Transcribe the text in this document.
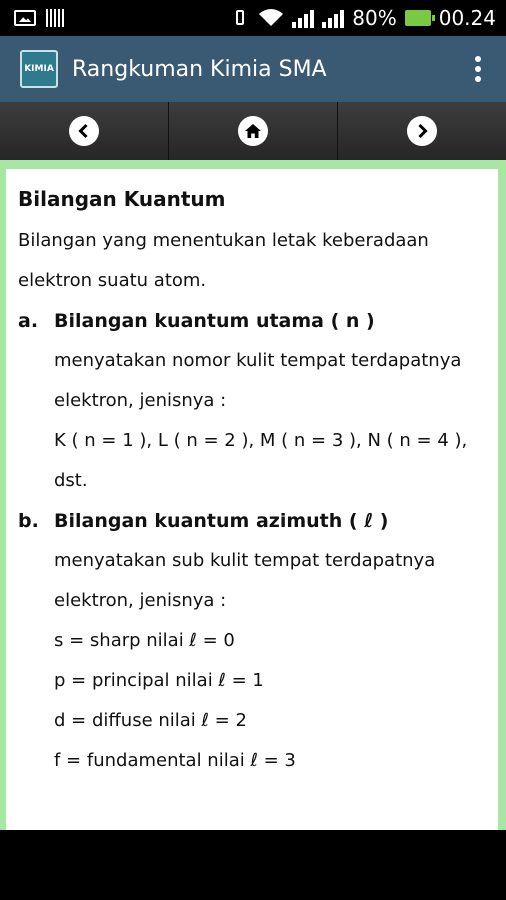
80% 00.24
KIMIA Rangkuman Kimia SMA
Bilangan Kuantum
Bilangan yang menentukan letak keberadaan elektron suatu atom.
a. Bilangan kuantum utama ( n )
menyatakan nomor kulit tempat terdapatnya elektron, jenisnya :
K ( n = 1 ), L ( n = 2 ), M ( n = 3 ), N ( n = 4 ), dst.
b. Bilangan kuantum azimuth ( ℓ )
menyatakan sub kulit tempat terdapatnya elektron, jenisnya :
s = sharp nilai ℓ = 0
p = principal nilai ℓ = 1
d = diffuse nilai ℓ = 2
f = fundamental nilai ℓ = 3
